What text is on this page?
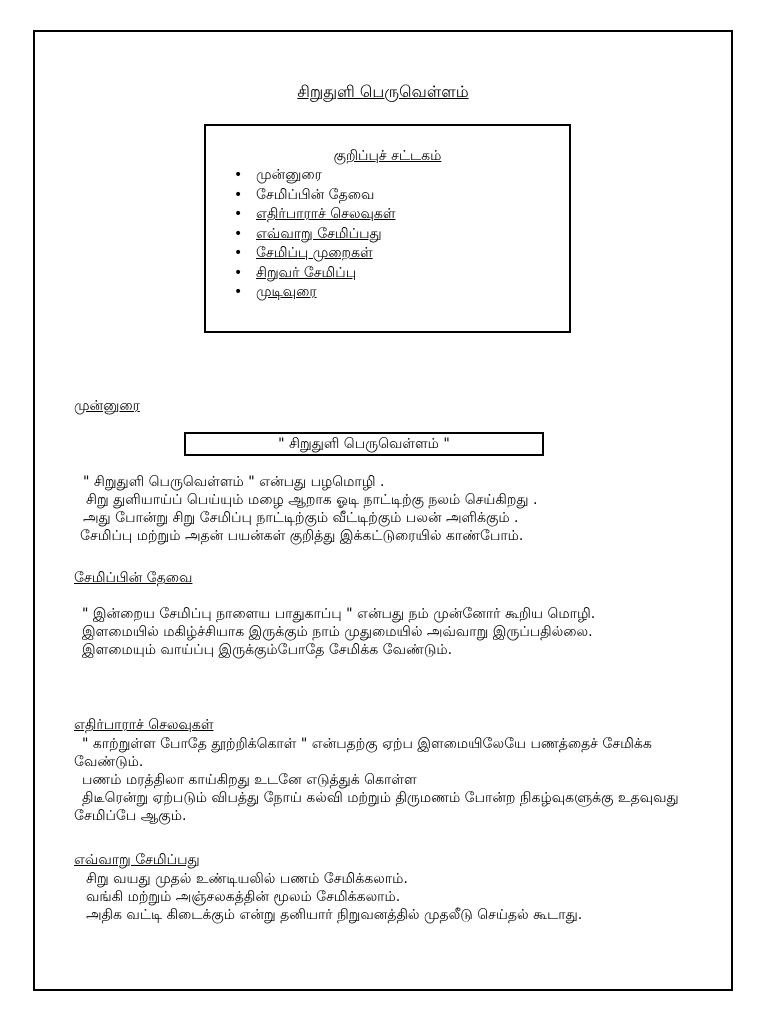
சிறுதுளி பெருவெள்ளம்
குறிப்புச் சட்டகம்
• முன்னுரை
• சேமிப்பின் தேவை
• எதிர்பாராச் செலவுகள்
• எவ்வாறு சேமிப்பது
• சேமிப்பு முறைகள்
• சிறுவர் சேமிப்பு
• முடிவுரை
முன்னுரை
" சிறுதுளி பெருவெள்ளம் "

" சிறுதுளி பெருவெள்ளம் " என்பது பழமொழி .

சிறு துளியாய்ப் பெய்யும் மழை ஆறாக ஓடி நாட்டிற்கு நலம் செய்கிறது .

அது போன்று சிறு சேமிப்பு நாட்டிற்கும் வீட்டிற்கும் பலன் அளிக்கும் .

சேமிப்பு மற்றும் அதன் பயன்கள் குறித்து இக்கட்டுரையில் காண்போம்.

சேமிப்பின் தேவை

" இன்றைய சேமிப்பு நாளைய பாதுகாப்பு " என்பது நம் முன்னோர் கூறிய மொழி.

இளமையில் மகிழ்ச்சியாக இருக்கும் நாம் முதுமையில் அவ்வாறு இருப்பதில்லை.

இளமையும் வாய்ப்பு இருக்கும்போதே சேமிக்க வேண்டும்.

எதிர்பாராச் செலவுகள்

" காற்றுள்ள போதே தூற்றிக்கொள் " என்பதற்கு ஏற்ப இளமையிலேயே பணத்தைச் சேமிக்க வேண்டும்.

பணம் மரத்திலா காய்கிறது உடனே எடுத்துக் கொள்ள

திடீரென்று ஏற்படும் விபத்து நோய் கல்வி மற்றும் திருமணம் போன்ற நிகழ்வுகளுக்கு உதவுவது சேமிப்பே ஆகும்.

எவ்வாறு சேமிப்பது

சிறு வயது முதல் உண்டியலில் பணம் சேமிக்கலாம்.

வங்கி மற்றும் அஞ்சலகத்தின் மூலம் சேமிக்கலாம்.

அதிக வட்டி கிடைக்கும் என்று தனியார் நிறுவனத்தில் முதலீடு செய்தல் கூடாது.
